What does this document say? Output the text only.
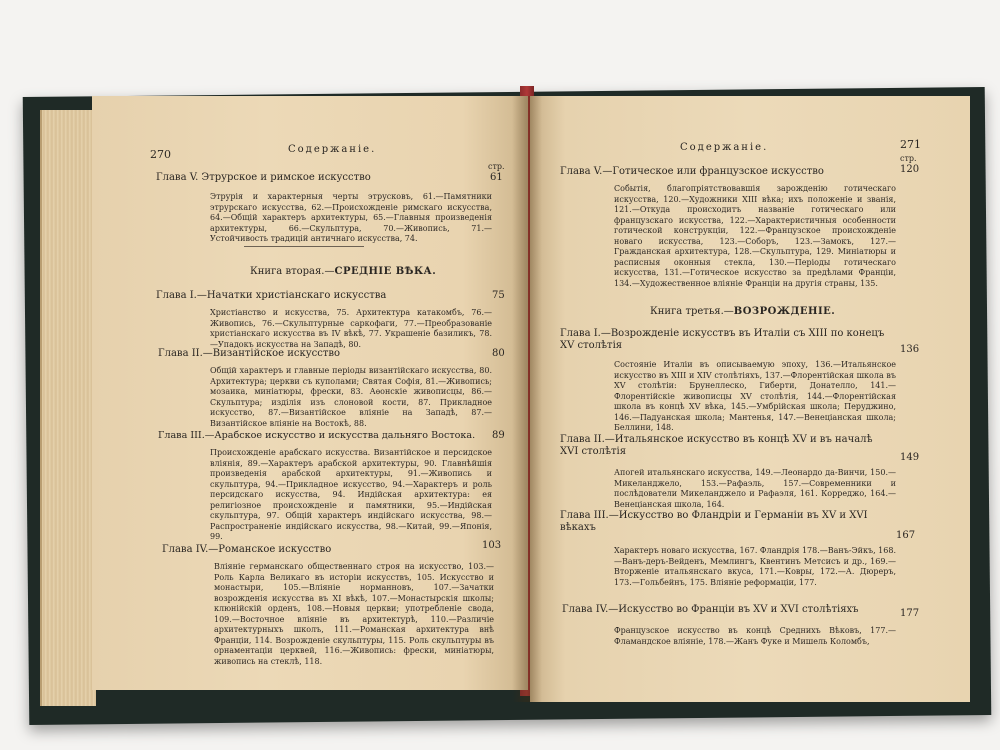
270	Содержаніе.
стр.
Глава V. Этрурское и римское искусство	61
Этрурія и характерныя черты этрусковъ, 61.—Памятники этрурскаго искусства, 62.—Происхожденіе римскаго искусства, 64.—Общій характеръ архитектуры, 65.—Главныя произведенія архитектуры, 66.—Скульптура, 70.—Живопись, 71.—Устойчивость традицій античнаго искусства, 74.
Книга вторая.—СРЕДНІЕ ВѢКА.
Глава I.—Начатки христіанскаго искусства	75
Христіанство и искусства, 75. Архитектура катакомбъ, 76.—Живопись, 76.—Скульптурные саркофаги, 77.—Преобразованіе христіанскаго искусства въ IV вѣкѣ, 77. Украшеніе базиликъ, 78.—Упадокъ искусства на Западѣ, 80.
Глава II.—Византійское искусство	80
Общій характеръ и главные періоды византійскаго искусства, 80. Архитектура; церкви съ куполами; Святая Софія, 81.—Живопись; мозаика, миніатюры, фрески, 83. Аѳонскіе живописцы, 86.—Скульптура; изділія изъ слоновой кости, 87. Прикладное искусство, 87.—Византійское вліяніе на Западѣ, 87.—Византійское вліяніе на Востокѣ, 88.
Глава III.—Арабское искусство и искусства дальняго Востока. 89
Происхожденіе арабскаго искусства. Византійское и персидское вліянія, 89.—Характеръ арабской архитектуры, 90. Главнѣйшія произведенія арабской архитектуры, 91.—Живопись и скульптура, 94.—Прикладное искусство, 94.—Характеръ и роль персидскаго искусства, 94. Индійская архитектура: ея религіозное происхожденіе и памятники, 95.—Индійская скульптура, 97. Общій характеръ индійскаго искусства, 98.—Распространеніе индійскаго искусства, 98.—Китай, 99.—Японія, 99.
Глава IV.—Романское искусство	103
Вліяніе германскаго общественнаго строя на искусство, 103.—Роль Карла Великаго въ исторіи искусствъ, 105. Искусство и монастыри, 105.—Вліяніе норманновъ, 107.—Зачатки возрожденія искусства въ XI вѣкѣ, 107.—Монастырскія школы; клюнійскій орденъ, 108.—Новыя церкви; употребленіе свода, 109.—Восточное вліяніе въ архитектурѣ, 110.—Различіе архитектурныхъ школъ, 111.—Романская архитектура внѣ Франціи, 114. Возрожденіе скульптуры, 115. Роль скульптуры въ орнаментаціи церквей, 116.—Живопись: фрески, миніатюры, живопись на стеклѣ, 118.
271
Содержаніе.
стр.
Глава V.—Готическое или французское искусство	120
Событія, благопріятствовавшія зарожденію готическаго искусства, 120.—Художники XIII вѣка; ихъ положеніе и званія, 121.—Откуда происходитъ названіе готическаго или французскаго искусства, 122.—Характеристичныя особенности готической конструкціи, 122.—Французское происхожденіе новаго искусства, 123.—Соборъ, 123.—Замокъ, 127.—Гражданская архитектура, 128.—Скульптура, 129. Миніатюры и расписныя оконныя стекла, 130.—Періоды готическаго искусства, 131.—Готическое искусство за предѣлами Франціи, 134.—Художественное вліяніе Франціи на другія страны, 135.
Книга третья.—ВОЗРОЖДЕНІЕ.
Глава I.—Возрожденіе искусствъ въ Италіи съ XIII по конецъ XV столѣтія	136
Состояніе Италіи въ описываемую эпоху, 136.—Итальянское искусство въ XIII и XIV столѣтіяхъ, 137.—Флорентійская школа въ XV столѣтіи: Брунеллеско, Гиберти, Донателло, 141.—Флорентійскіе живописцы XV столѣтія, 144.—Флорентійская школа въ концѣ XV вѣка, 145.—Умбрійская школа; Перуджино, 146.—Падуанская школа; Мантенья, 147.—Венеціанская школа; Беллини, 148.
Глава II.—Итальянское искусство въ концѣ XV и въ началѣ XVI столѣтія
149
Апогей итальянскаго искусства, 149.—Леонардо да-Винчи, 150.—Микеланджело, 153.—Рафаэль, 157.—Современники и послѣдователи Микеланджело и Рафаэля, 161. Корреджо, 164.—Венеціанская школа, 164.
Глава III.—Искусство во Фландріи и Германіи въ XV и XVI вѣкахъ
167
Характеръ новаго искусства, 167. Фландрія 178.—Ванъ-Эйкъ, 168.—Ванъ-деръ-Вейденъ, Мемлингъ, Квентинъ Метсисъ и др., 169.—Вторженіе итальянскаго вкуса, 171.—Ковры, 172.—А. Дюреръ, 173.—Гольбейнъ, 175. Вліяніе реформаціи, 177.
Глава IV.—Искусство во Франціи въ XV и XVI столѣтіяхъ	177
Французское искусство въ концѣ Среднихъ Вѣковъ, 177.—Фламандское вліяніе, 178.—Жанъ Фуке и Мишель Коломбъ,
